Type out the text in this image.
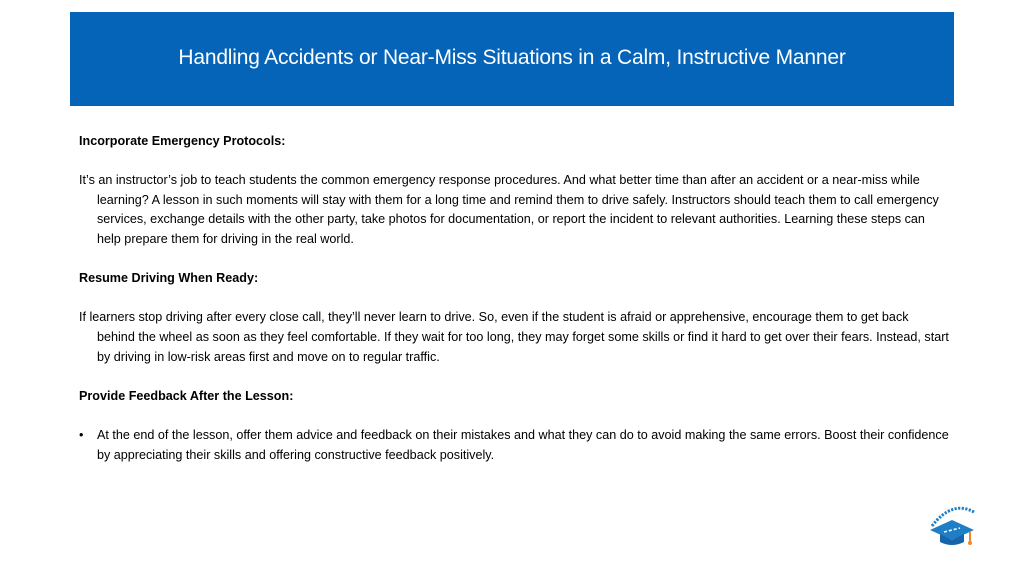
Handling Accidents or Near-Miss Situations in a Calm, Instructive Manner

Incorporate Emergency Protocols:

It’s an instructor’s job to teach students the common emergency response procedures. And what better time than after an accident or a near-miss while learning? A lesson in such moments will stay with them for a long time and remind them to drive safely. Instructors should teach them to call emergency services, exchange details with the other party, take photos for documentation, or report the incident to relevant authorities. Learning these steps can help prepare them for driving in the real world.

Resume Driving When Ready:

If learners stop driving after every close call, they’ll never learn to drive. So, even if the student is afraid or apprehensive, encourage them to get back behind the wheel as soon as they feel comfortable. If they wait for too long, they may forget some skills or find it hard to get over their fears. Instead, start by driving in low-risk areas first and move on to regular traffic.

Provide Feedback After the Lesson:

• At the end of the lesson, offer them advice and feedback on their mistakes and what they can do to avoid making the same errors. Boost their confidence by appreciating their skills and offering constructive feedback positively.
